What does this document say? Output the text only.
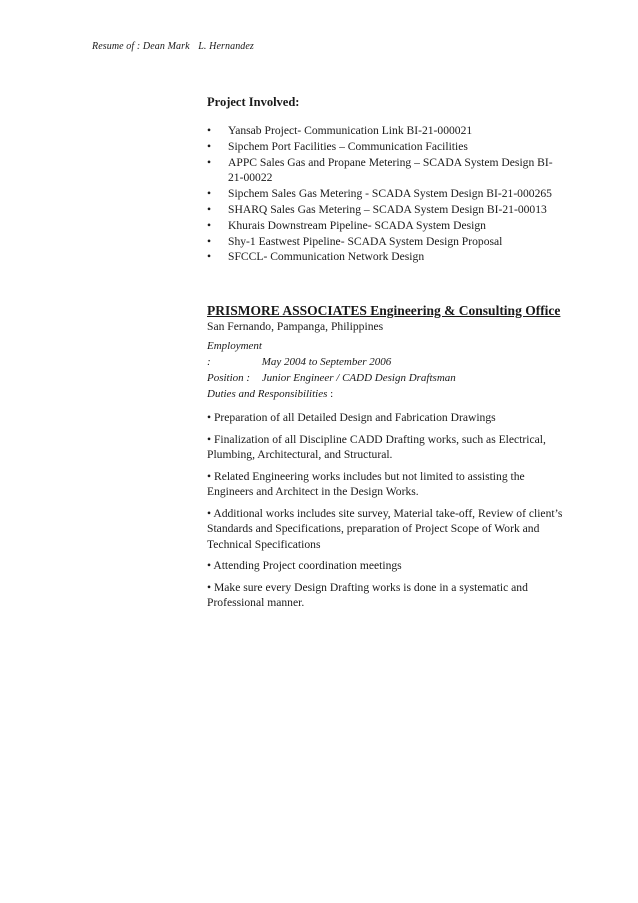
Resume of : Dean Mark L. Hernandez
Project Involved:
• Yansab Project- Communication Link BI-21-000021
• Sipchem Port Facilities – Communication Facilities
• APPC Sales Gas and Propane Metering – SCADA System Design BI-21-00022
• Sipchem Sales Gas Metering - SCADA System Design BI-21-000265
• SHARQ Sales Gas Metering – SCADA System Design BI-21-00013
• Khurais Downstream Pipeline- SCADA System Design
• Shy-1 Eastwest Pipeline- SCADA System Design Proposal
• SFCCL- Communication Network Design
PRISMORE ASSOCIATES Engineering & Consulting Office
San Fernando, Pampanga, Philippines
Employment :	May 2004 to September 2006
Position : Junior Engineer / CADD Design Draftsman
Duties and Responsibilities :
• Preparation of all Detailed Design and Fabrication Drawings
• Finalization of all Discipline CADD Drafting works, such as Electrical, Plumbing, Architectural, and Structural.
• Related Engineering works includes but not limited to assisting the Engineers and Architect in the Design Works.
• Additional works includes site survey, Material take-off, Review of client’s Standards and Specifications, preparation of Project Scope of Work and Technical Specifications
• Attending Project coordination meetings
• Make sure every Design Drafting works is done in a systematic and Professional manner.
